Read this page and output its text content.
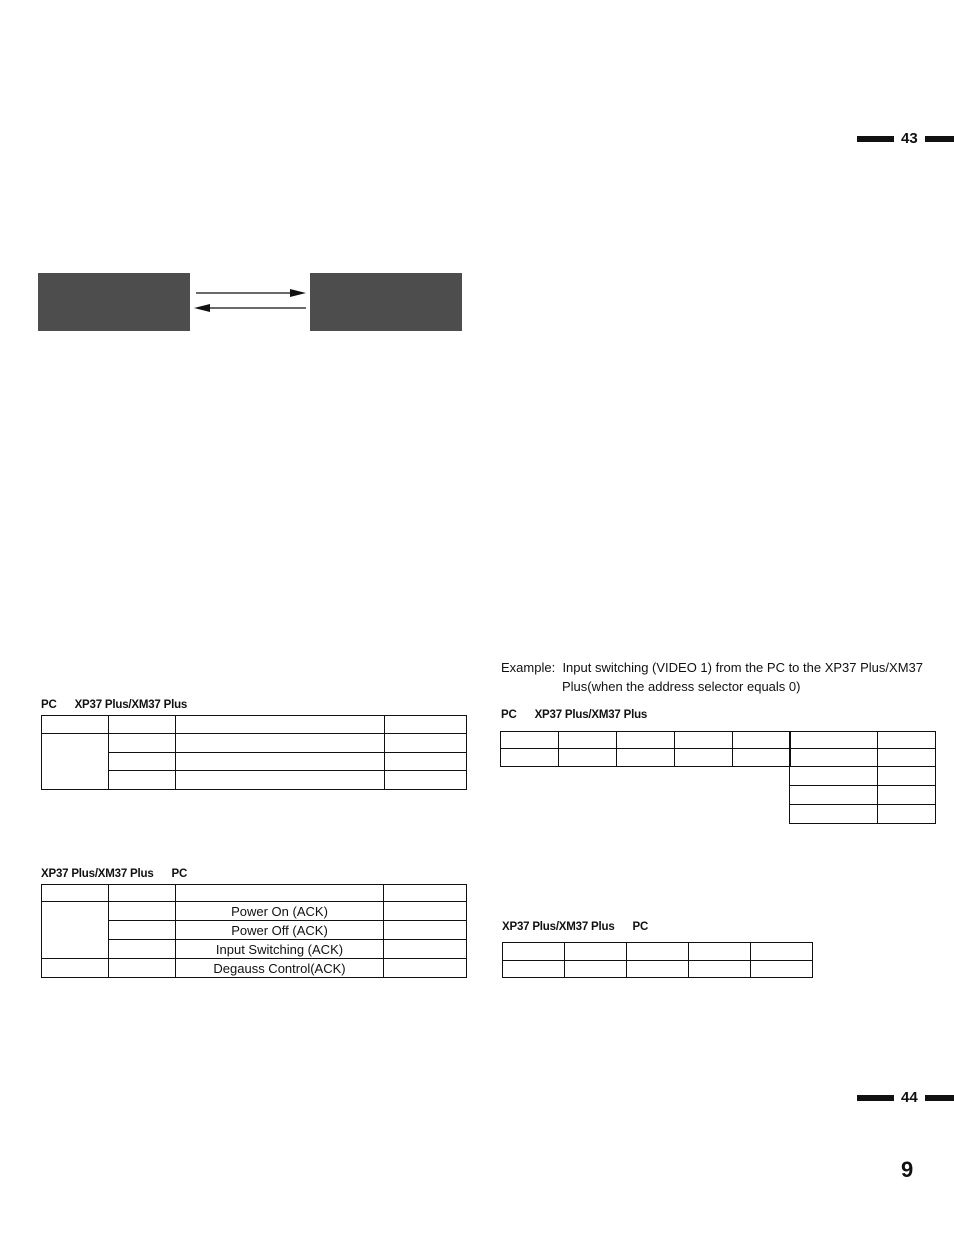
43
44
Example: Input switching (VIDEO 1) from the PC to the XP37 Plus/XM37
Plus(when the address selector equals 0)
PC XP37 Plus/XM37 Plus

XP37 Plus/XM37 Plus PC

		Power On (ACK)	
		Power Off (ACK)	
		Input Switching (ACK)	
		Degauss Control(ACK)	
PC XP37 Plus/XM37 Plus

XP37 Plus/XM37 Plus PC

9
